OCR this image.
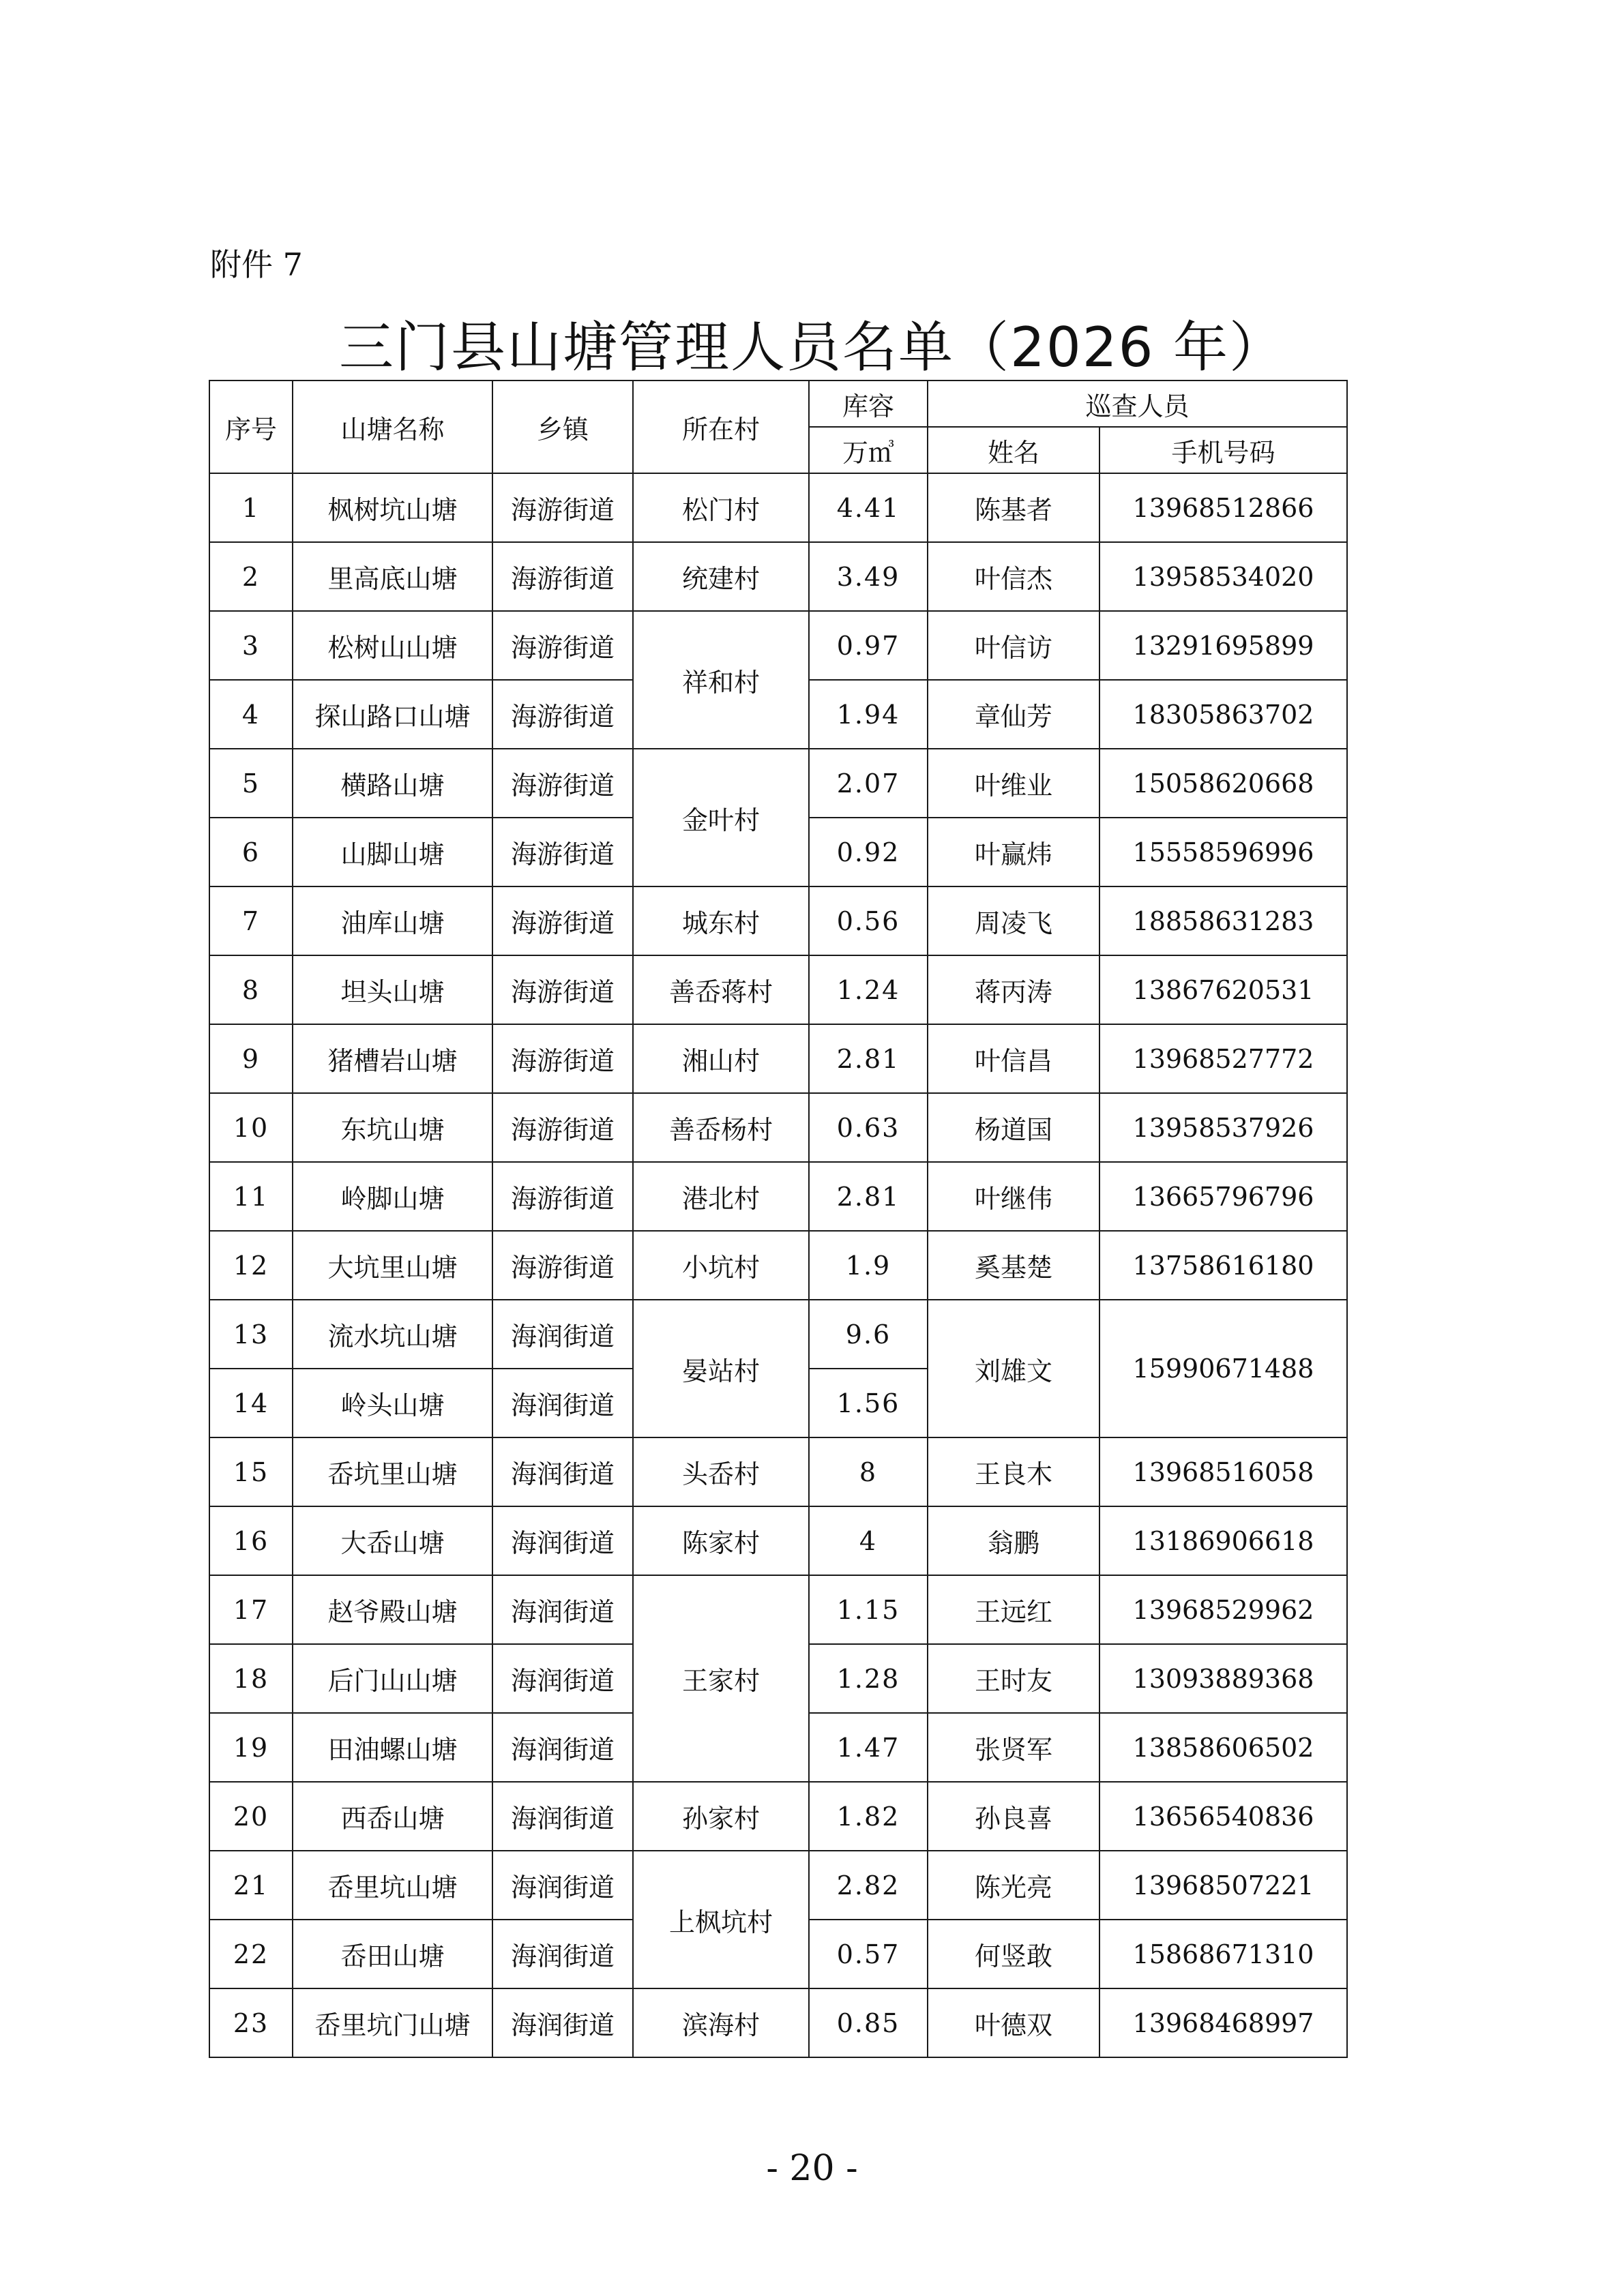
附件 7
三门县山塘管理人员名单（2026 年）
序号	山塘名称	乡镇	所在村	库容	巡查人员	
				万㎥	姓名	手机号码
1	枫树坑山塘	海游街道	松门村	4.41	陈基者	13968512866
2	里高底山塘	海游街道	统建村	3.49	叶信杰	13958534020
3	松树山山塘	海游街道	祥和村	0.97	叶信访	13291695899
4	探山路口山塘	海游街道		1.94	章仙芳	18305863702
5	横路山塘	海游街道	金叶村	2.07	叶维业	15058620668
6	山脚山塘	海游街道		0.92	叶赢炜	15558596996
7	油库山塘	海游街道	城东村	0.56	周凌飞	18858631283
8	坦头山塘	海游街道	善岙蒋村	1.24	蒋丙涛	13867620531
9	猪槽岩山塘	海游街道	湘山村	2.81	叶信昌	13968527772
10	东坑山塘	海游街道	善岙杨村	0.63	杨道国	13958537926
11	岭脚山塘	海游街道	港北村	2.81	叶继伟	13665796796
12	大坑里山塘	海游街道	小坑村	1.9	奚基楚	13758616180
13	流水坑山塘	海润街道	晏站村	9.6	刘雄文	15990671488
14	岭头山塘	海润街道		1.56		
15	岙坑里山塘	海润街道	头岙村	8	王良木	13968516058
16	大岙山塘	海润街道	陈家村	4	翁鹏	13186906618
17	赵爷殿山塘	海润街道	王家村	1.15	王远红	13968529962
18	后门山山塘	海润街道		1.28	王时友	13093889368
19	田油螺山塘	海润街道		1.47	张贤军	13858606502
20	西岙山塘	海润街道	孙家村	1.82	孙良喜	13656540836
21	岙里坑山塘	海润街道	上枫坑村	2.82	陈光亮	13968507221
22	岙田山塘	海润街道		0.57	何竖敢	15868671310
23	岙里坑门山塘	海润街道	滨海村	0.85	叶德双	13968468997
- 20 -
